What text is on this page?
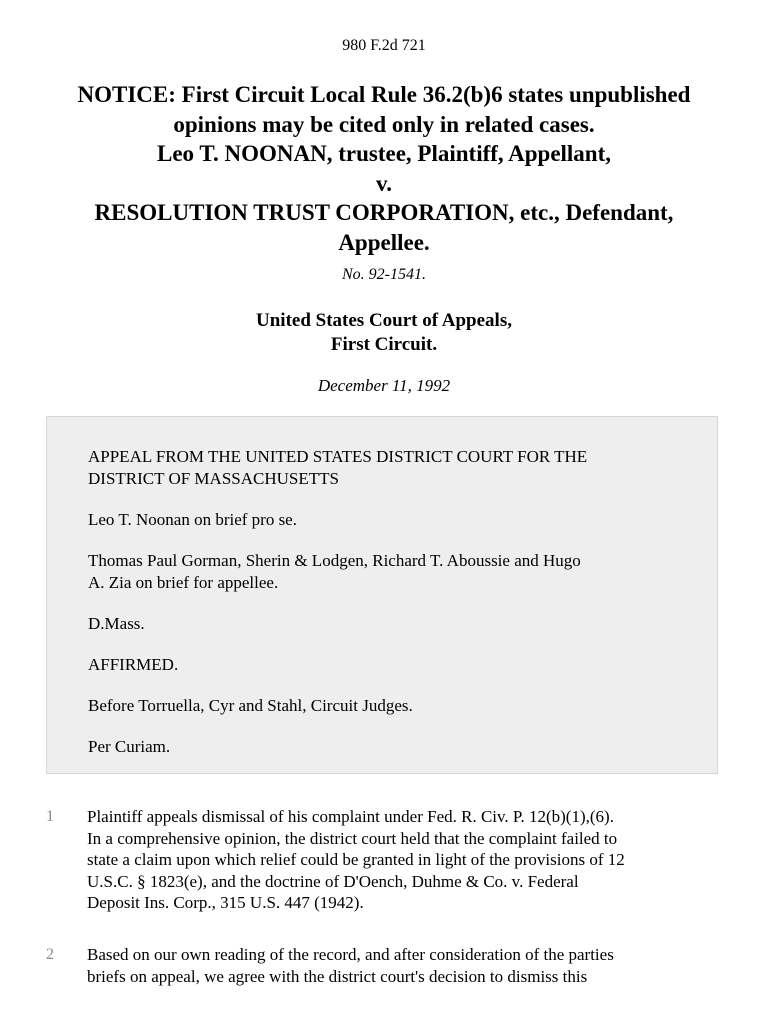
980 F.2d 721
NOTICE: First Circuit Local Rule 36.2(b)6 states unpublished
opinions may be cited only in related cases.
Leo T. NOONAN, trustee, Plaintiff, Appellant,
v.
RESOLUTION TRUST CORPORATION, etc., Defendant,
Appellee.
No. 92-1541.
United States Court of Appeals,
First Circuit.
December 11, 1992
APPEAL FROM THE UNITED STATES DISTRICT COURT FOR THE
DISTRICT OF MASSACHUSETTS
Leo T. Noonan on brief pro se.
Thomas Paul Gorman, Sherin & Lodgen, Richard T. Aboussie and Hugo
A. Zia on brief for appellee.
D.Mass.
AFFIRMED.
Before Torruella, Cyr and Stahl, Circuit Judges.
Per Curiam.
1 Plaintiff appeals dismissal of his complaint under Fed. R. Civ. P. 12(b)(1),(6).
In a comprehensive opinion, the district court held that the complaint failed to
state a claim upon which relief could be granted in light of the provisions of 12
U.S.C. § 1823(e), and the doctrine of D'Oench, Duhme & Co. v. Federal
Deposit Ins. Corp., 315 U.S. 447 (1942).
2 Based on our own reading of the record, and after consideration of the parties
briefs on appeal, we agree with the district court's decision to dismiss this
